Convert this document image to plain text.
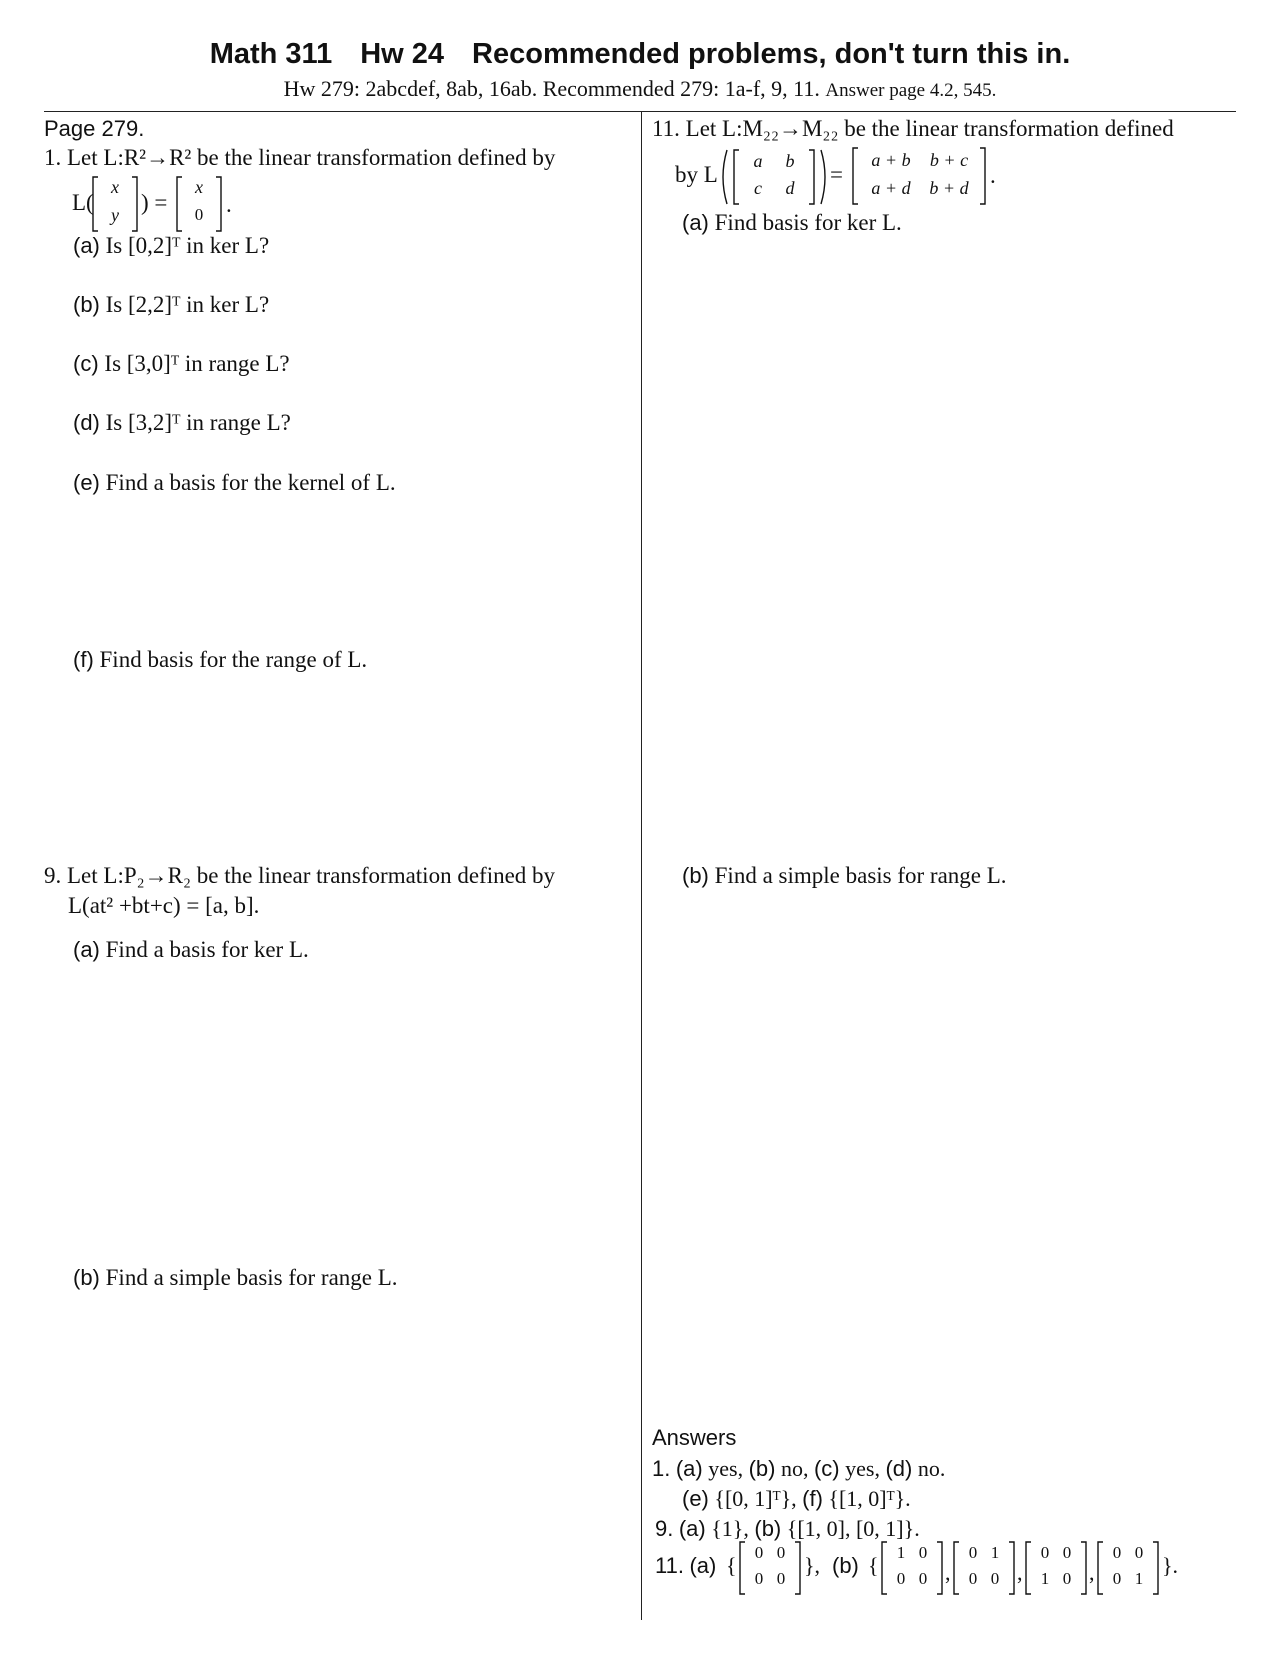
Math 311 Hw 24 Recommended problems, don't turn this in.
Hw 279: 2abcdef, 8ab, 16ab. Recommended 279: 1a-f, 9, 11. Answer page 4.2, 545.
Page 279.
1. Let L:R²→R² be the linear transformation defined by
L(
x
y ) =
x
0 .
(a) Is [0,2]ᵀ in ker L?
(b) Is [2,2]ᵀ in ker L?
(c) Is [3,0]ᵀ in range L?
(d) Is [3,2]ᵀ in range L?
(e) Find a basis for the kernel of L.
(f) Find basis for the range of L.
9. Let L:P₂→R₂ be the linear transformation defined by
L(at² +bt+c) = [a, b].
(a) Find a basis for ker L.
(b) Find a simple basis for range L.
11. Let L:M₂₂→M₂₂ be the linear transformation defined
by L
a	b
c	d
=
a + b	b + c
a + d	b + d .
(a) Find basis for ker L.
(b) Find a simple basis for range L.
Answers
1. (a) yes, (b) no, (c) yes, (d) no.
(e) {[0, 1]ᵀ}, (f) {[1, 0]ᵀ}.
9. (a) {1}, (b) {[1, 0], [0, 1]}.
11. (a) {
0 0
0 0
}, (b) {
1 0
0 0 ,
0 1
0 0 ,
0 0
1 0 ,
0 0
0 1
}.
